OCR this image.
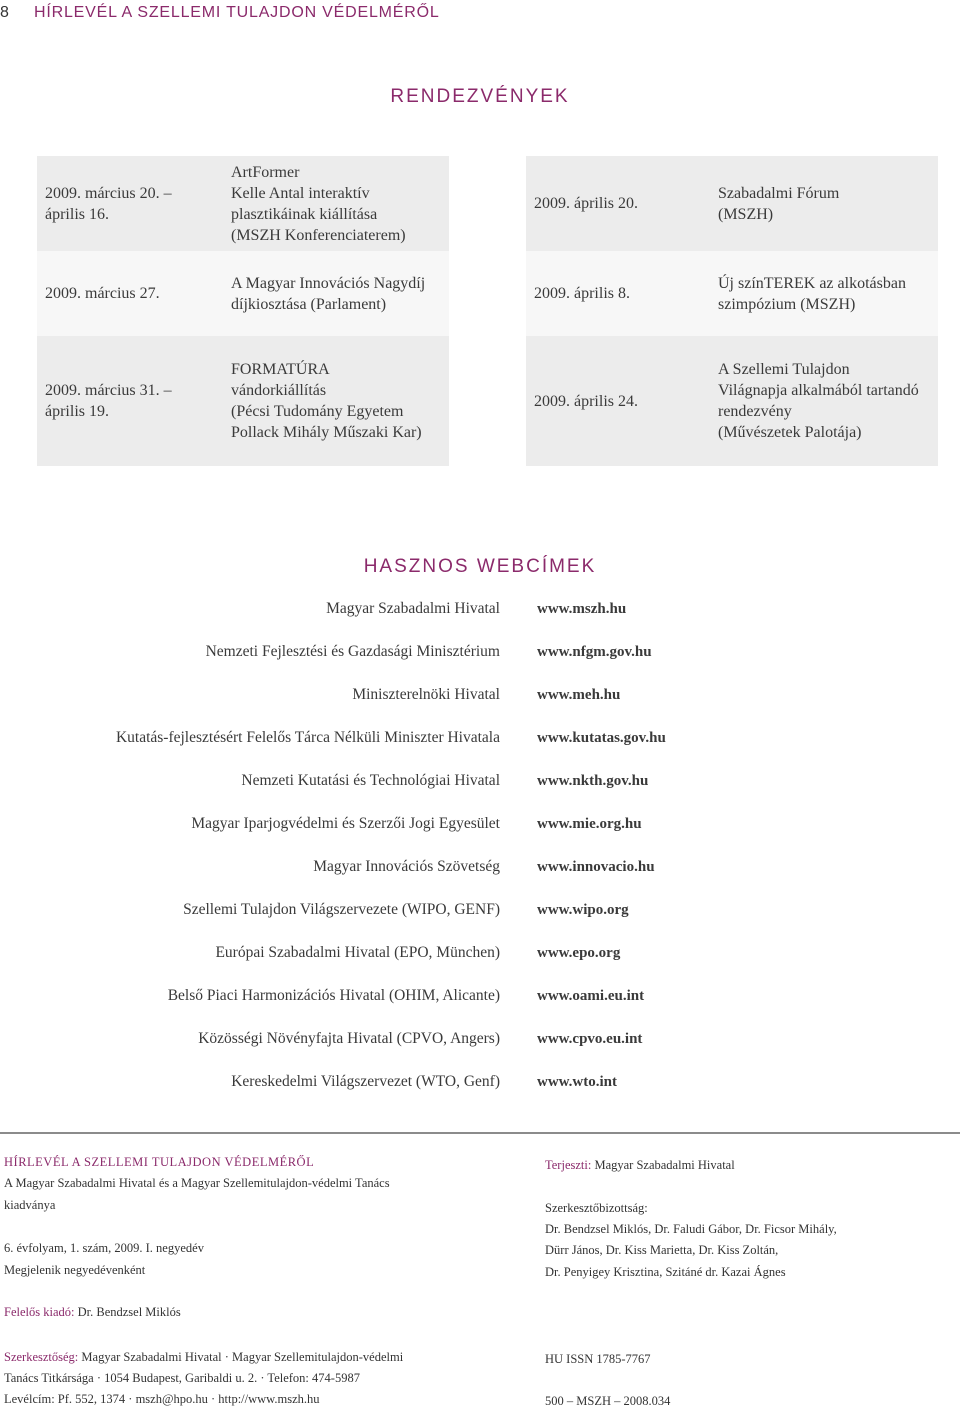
8 HÍRLEVÉL A SZELLEMI TULAJDON VÉDELMÉRŐL
RENDEZVÉNYEK
2009. március 20. –
április 16.
ArtFormer
Kelle Antal interaktív
plasztikáinak kiállítása
(MSZH Konferenciaterem)
2009. március 27.
A Magyar Innovációs Nagydíj
díjkiosztása (Parlament)
2009. március 31. –
április 19.
FORMATÚRA
vándorkiállítás
(Pécsi Tudomány Egyetem
Pollack Mihály Műszaki Kar)
2009. április 20.
Szabadalmi Fórum
(MSZH)
2009. április 8.
Új színTEREK az alkotásban
szimpózium (MSZH)
2009. április 24.
A Szellemi Tulajdon
Világnapja alkalmából tartandó
rendezvény
(Művészetek Palotája)
HASZNOS WEBCÍMEK
Magyar Szabadalmi Hivatal www.mszh.hu
Nemzeti Fejlesztési és Gazdasági Minisztérium www.nfgm.gov.hu
Miniszterelnöki Hivatal www.meh.hu
Kutatás-fejlesztésért Felelős Tárca Nélküli Miniszter Hivatala www.kutatas.gov.hu
Nemzeti Kutatási és Technológiai Hivatal www.nkth.gov.hu
Magyar Iparjogvédelmi és Szerzői Jogi Egyesület www.mie.org.hu
Magyar Innovációs Szövetség www.innovacio.hu
Szellemi Tulajdon Világszervezete (WIPO, GENF) www.wipo.org
Európai Szabadalmi Hivatal (EPO, München) www.epo.org
Belső Piaci Harmonizációs Hivatal (OHIM, Alicante) www.oami.eu.int
Közösségi Növényfajta Hivatal (CPVO, Angers) www.cpvo.eu.int
Kereskedelmi Világszervezet (WTO, Genf) www.wto.int
HÍRLEVÉL A SZELLEMI TULAJDON VÉDELMÉRŐL
A Magyar Szabadalmi Hivatal és a Magyar Szellemitulajdon-védelmi Tanács
kiadványa
6. évfolyam, 1. szám, 2009. I. negyedév
Megjelenik negyedévenként
Felelős kiadó: Dr. Bendzsel Miklós
Szerkesztőség: Magyar Szabadalmi Hivatal · Magyar Szellemitulajdon-védelmi
Tanács Titkársága · 1054 Budapest, Garibaldi u. 2. · Telefon: 474-5987
Levélcím: Pf. 552, 1374 · mszh@hpo.hu · http://www.mszh.hu
Terjeszti: Magyar Szabadalmi Hivatal
Szerkesztőbizottság:
Dr. Bendzsel Miklós, Dr. Faludi Gábor, Dr. Ficsor Mihály,
Dürr János, Dr. Kiss Marietta, Dr. Kiss Zoltán,
Dr. Penyigey Krisztina, Szitáné dr. Kazai Ágnes
HU ISSN 1785-7767
500 – MSZH – 2008.034
